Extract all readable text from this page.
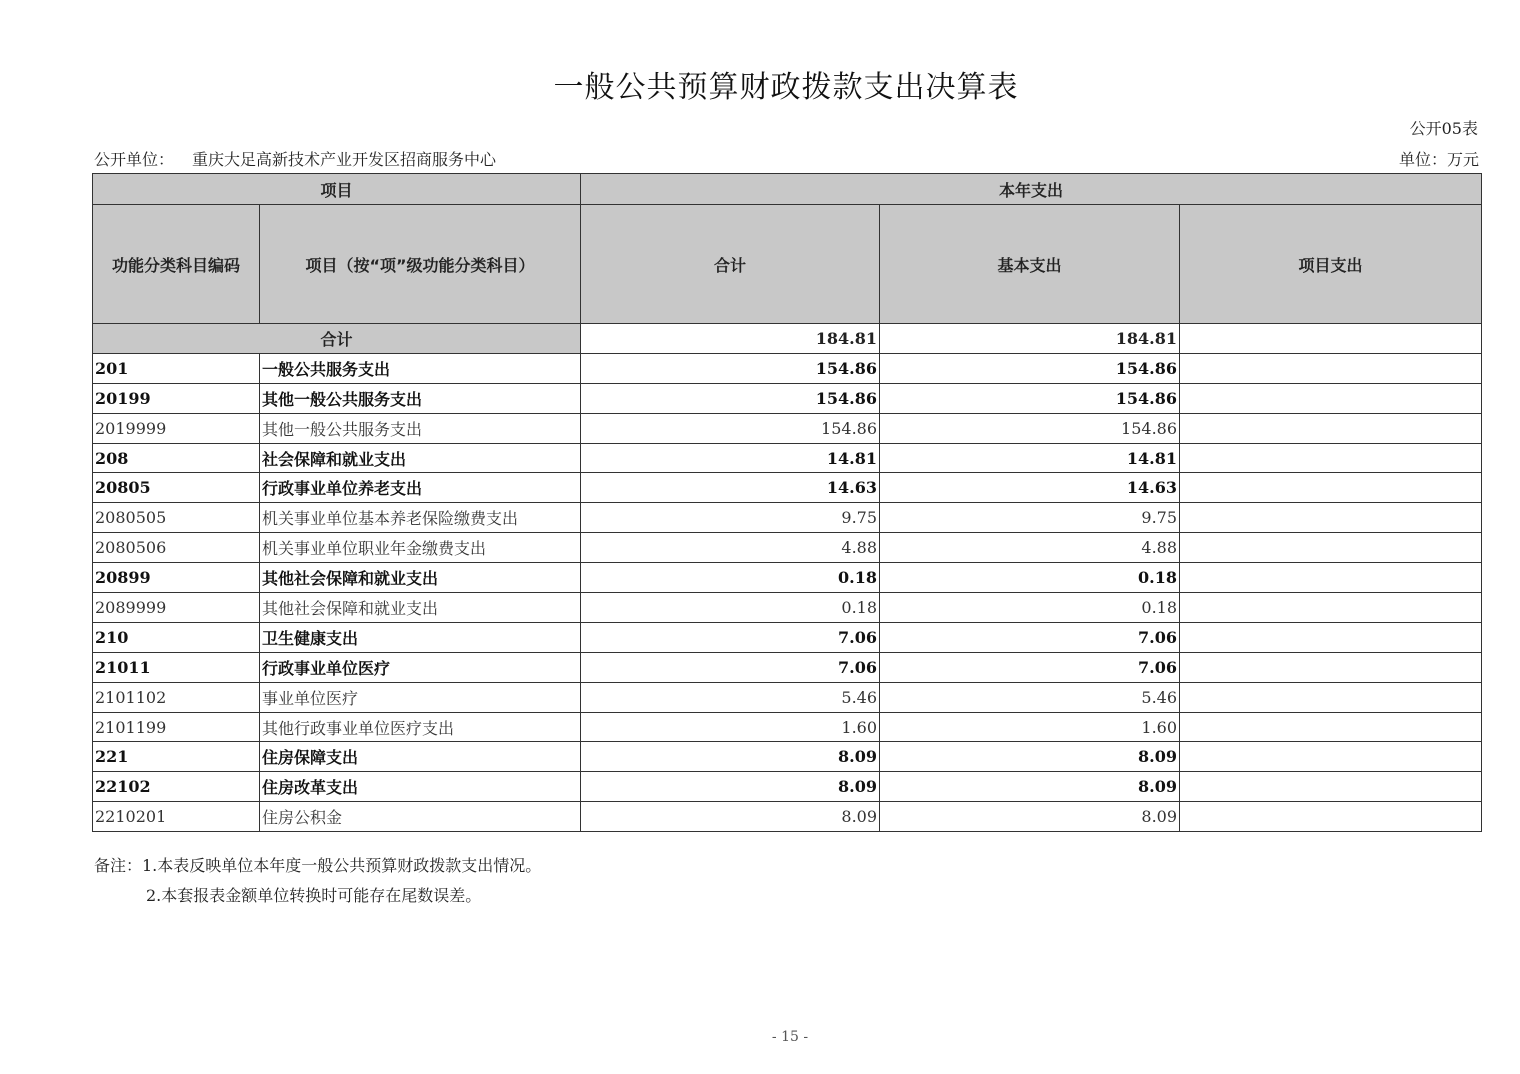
一般公共预算财政拨款支出决算表
公开05表
公开单位： 重庆大足高新技术产业开发区招商服务中心	单位：万元
项目		本年支出		
功能分类科目编码	项目（按“项”级功能分类科目）	合计	基本支出	项目支出
合计		184.81	184.81	
201	一般公共服务支出	154.86	154.86	
20199	其他一般公共服务支出	154.86	154.86	
2019999	其他一般公共服务支出	154.86	154.86	
208	社会保障和就业支出	14.81	14.81	
20805	行政事业单位养老支出	14.63	14.63	
2080505	机关事业单位基本养老保险缴费支出	9.75	9.75	
2080506	机关事业单位职业年金缴费支出	4.88	4.88	
20899	其他社会保障和就业支出	0.18	0.18	
2089999	其他社会保障和就业支出	0.18	0.18	
210	卫生健康支出	7.06	7.06	
21011	行政事业单位医疗	7.06	7.06	
2101102	事业单位医疗	5.46	5.46	
2101199	其他行政事业单位医疗支出	1.60	1.60	
221	住房保障支出	8.09	8.09	
22102	住房改革支出	8.09	8.09	
2210201	住房公积金	8.09	8.09	
备注：1.本表反映单位本年度一般公共预算财政拨款支出情况。
2.本套报表金额单位转换时可能存在尾数误差。
- 15 -
